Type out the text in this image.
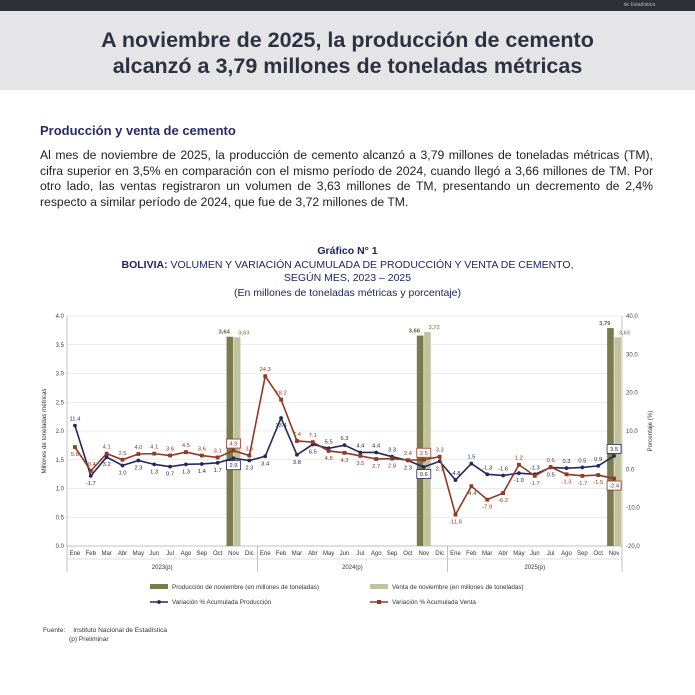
de Estadística
A noviembre de 2025, la producción de cemento
alcanzó a 3,79 millones de toneladas métricas
Producción y venta de cemento
Al mes de noviembre de 2025, la producción de cemento alcanzó a 3,79 millones de toneladas métricas (TM), cifra superior en 3,5% en comparación con el mismo período de 2024, cuando llegó a 3,66 millones de TM. Por otro lado, las ventas registraron un volumen de 3,63 millones de TM, presentando un decremento de 2,4% respecto a similar período de 2024, que fue de 3,72 millones de TM.
Gráfico N° 1
BOLIVIA: VOLUMEN Y VARIACIÓN ACUMULADA DE PRODUCCIÓN Y VENTA DE CEMENTO,
SEGÚN MES, 2023 – 2025
(En millones de toneladas métricas y porcentaje)
0.0
0.5
1.0
1.5
2.0
2.5
3.0
3.5
4.0
-20.0
-10.0
0.0
10.0
20.0
30.0
40.0
Millones de toneladas métricas	Porcentaje (%)
3,64 3,63	3,66
3,72
3,79
3,63
11.4
-1.7
3.2
1.0
2.3
1.3 0.7 1.3 1.4 1.7
2.9 2.3
3.4
13.4
3.8
6.5
5.5
6.3
4.4 4.4
3.3
2.3
0.6
2.1
-4.8
1.5
-1.3 -1.6
-1.0
-1.3
0.5
0.3 0.5 0.9
3.5
5.8
-0.4
4.1
2.5
4.0 4.1 3.6
4.5
3.6 3.1
4.9
3.6
24.3
18.2
7.4 7.1
4.8 4.3
3.5
2.7 2.8
2.4 2.5
3.3
-11.8
-4.4
-7.9
-6.2
1.2
-1.7
0.6
-1.3 -1.7 -1.5
-2.4
Ene Feb Mar Abr May Jun Jul Ago Sep Oct Nov Dic Ene Feb Mar Abr May Jun Jul Ago Sep Oct Nov Dic Ene Feb Mar Abr May Jun Jul Ago Sep Oct Nov
2023(p)	2024(p)	2025(p)
Producción de noviembre (en millones de toneladas)	Venta de noviembre (en millones de toneladas)
Variación % Acumulada Producción	Variación % Acumulada Venta
Fuente: Instituto Nacional de Estadística
(p) Preliminar
